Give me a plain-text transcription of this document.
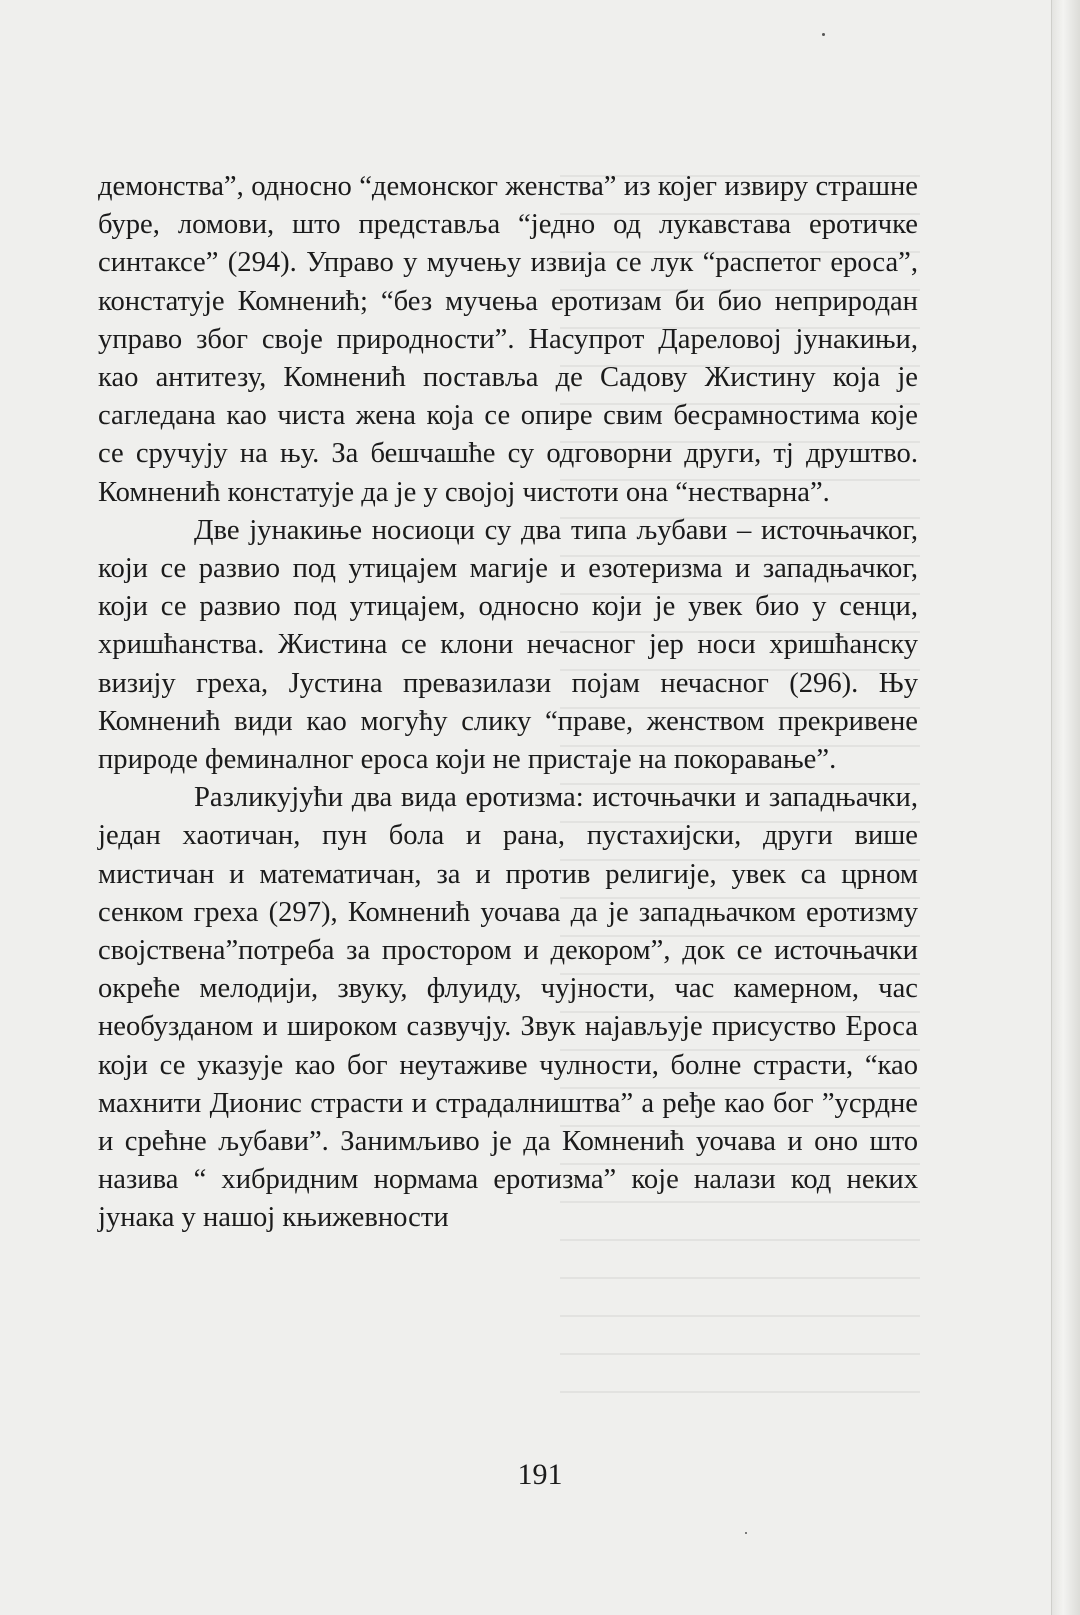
демонства”, односно “демонског женства” из којег извиру страшне буре, ломови, што представља “једно од лукавстава еротичке синтаксе” (294). Управо у мучењу извија се лук “распетог ероса”, констатује Комненић; “без мучења еротизам би био неприродан управо због своје природности”. Насупрот Дареловој јунакињи, као антитезу, Комненић поставља де Садову Жистину која је сагледана као чиста жена која се опире свим бесрамностима које се сручују на њу. За бешчашће су одговорни други, тј друштво. Комненић констатује да је у својој чистоти она “нестварна”.

Две јунакиње носиоци су два типа љубави – источњачког, који се развио под утицајем магије и езотеризма и западњачког, који се развио под утицајем, односно који је увек био у сенци, хришћанства. Жистина се клони нечасног јер носи хришћанску визију греха, Јустина превазилази појам нечасног (296). Њу Комненић види као могућу слику “праве, женством прекривене природе феминалног ероса који не пристаје на покоравање”.

Разликујући два вида еротизма: источњачки и западњачки, један хаотичан, пун бола и рана, пустахијски, други више мистичан и математичан, за и против религије, увек са црном сенком греха (297), Комненић уочава да је западњачком еротизму својствена”потреба за простором и декором”, док се источњачки окреће мелодији, звуку, флуиду, чујности, час камерном, час необузданом и широком сазвучју. Звук најављује присуство Ероса који се указује као бог неутаживе чулности, болне страсти, “као махнити Дионис страсти и страдалништва” а ређе као бог ”усрдне и срећне љубави”. Занимљиво је да Комненић уочава и оно што назива “ хибридним нормама еротизма” које налази код неких јунака у нашој књижевности

191
